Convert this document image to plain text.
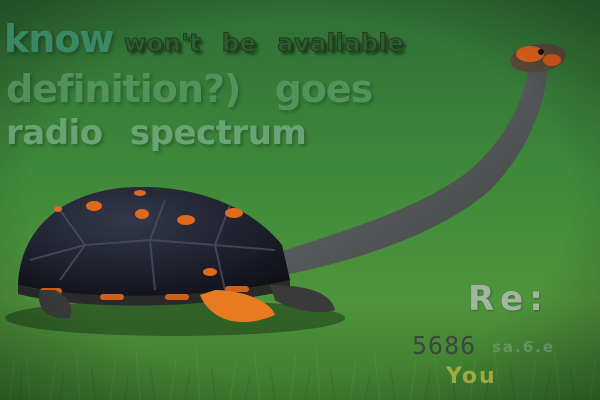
know won't be avaliable

definition?) goes

radio spectrum

Re:

5686 sa.6.e

You
